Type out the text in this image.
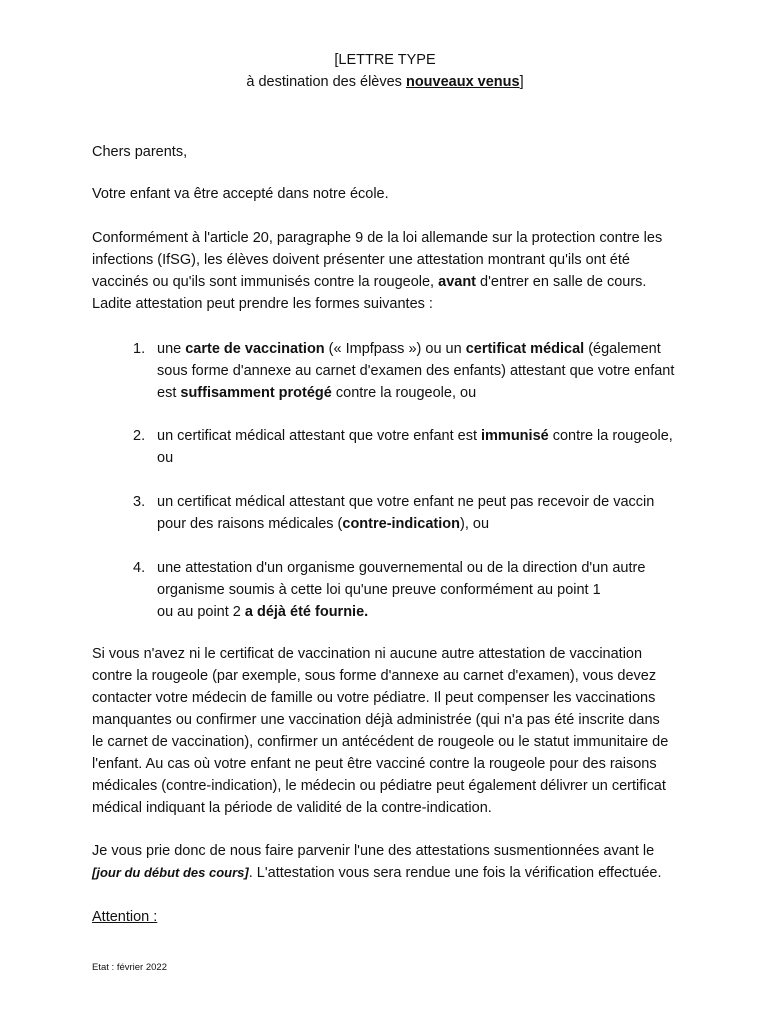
[LETTRE TYPE
à destination des élèves nouveaux venus]

Chers parents,

Votre enfant va être accepté dans notre école.

Conformément à l'article 20, paragraphe 9 de la loi allemande sur la protection contre les
infections (IfSG), les élèves doivent présenter une attestation montrant qu'ils ont été
vaccinés ou qu'ils sont immunisés contre la rougeole, avant d'entrer en salle de cours.
Ladite attestation peut prendre les formes suivantes :
1. une carte de vaccination (« Impfpass ») ou un certificat médical (également
sous forme d'annexe au carnet d'examen des enfants) attestant que votre enfant
est suffisamment protégé contre la rougeole, ou
2. un certificat médical attestant que votre enfant est immunisé contre la rougeole,
ou
3. un certificat médical attestant que votre enfant ne peut pas recevoir de vaccin
pour des raisons médicales (contre-indication), ou
4. une attestation d'un organisme gouvernemental ou de la direction d'un autre
organisme soumis à cette loi qu'une preuve conformément au point 1
ou au point 2 a déjà été fournie.
Si vous n'avez ni le certificat de vaccination ni aucune autre attestation de vaccination
contre la rougeole (par exemple, sous forme d'annexe au carnet d'examen), vous devez
contacter votre médecin de famille ou votre pédiatre. Il peut compenser les vaccinations
manquantes ou confirmer une vaccination déjà administrée (qui n'a pas été inscrite dans
le carnet de vaccination), confirmer un antécédent de rougeole ou le statut immunitaire de
l'enfant. Au cas où votre enfant ne peut être vacciné contre la rougeole pour des raisons
médicales (contre-indication), le médecin ou pédiatre peut également délivrer un certificat
médical indiquant la période de validité de la contre-indication.
Je vous prie donc de nous faire parvenir l'une des attestations susmentionnées avant le
[jour du début des cours]. L'attestation vous sera rendue une fois la vérification effectuée.

Attention :

Etat : février 2022
